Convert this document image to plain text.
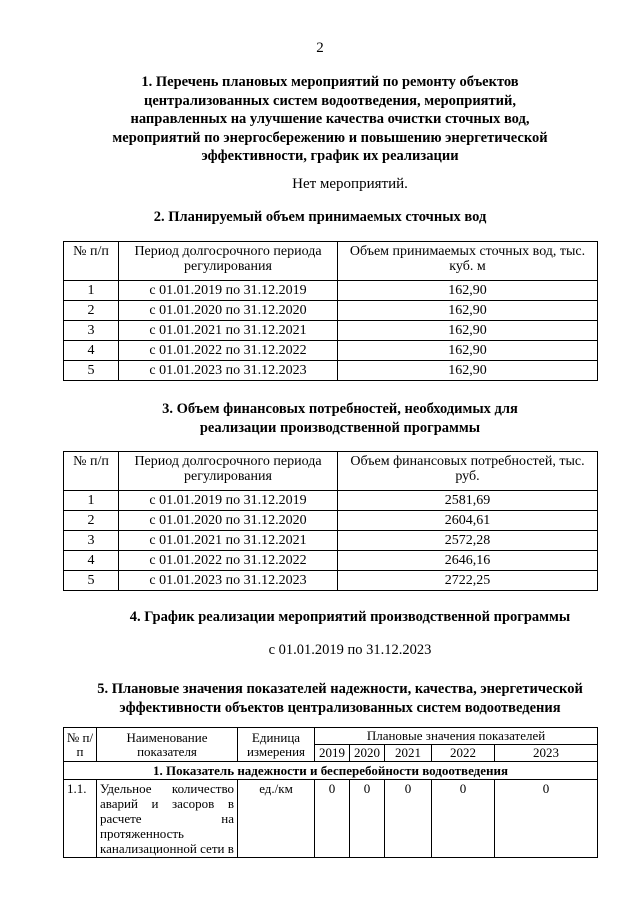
2
1. Перечень плановых мероприятий по ремонту объектов
централизованных систем водоотведения, мероприятий,
направленных на улучшение качества очистки сточных вод,
мероприятий по энергосбережению и повышению энергетической
эффективности, график их реализации
Нет мероприятий.
2. Планируемый объем принимаемых сточных вод
№ п/п	Период долгосрочного периода регулирования	Объем принимаемых сточных вод, тыс. куб. м
1	с 01.01.2019 по 31.12.2019	162,90
2	с 01.01.2020 по 31.12.2020	162,90
3	с 01.01.2021 по 31.12.2021	162,90
4	с 01.01.2022 по 31.12.2022	162,90
5	с 01.01.2023 по 31.12.2023	162,90
3. Объем финансовых потребностей, необходимых для
реализации производственной программы
№ п/п	Период долгосрочного периода регулирования	Объем финансовых потребностей, тыс. руб.
1	с 01.01.2019 по 31.12.2019	2581,69
2	с 01.01.2020 по 31.12.2020	2604,61
3	с 01.01.2021 по 31.12.2021	2572,28
4	с 01.01.2022 по 31.12.2022	2646,16
5	с 01.01.2023 по 31.12.2023	2722,25
4. График реализации мероприятий производственной программы
с 01.01.2019 по 31.12.2023
5. Плановые значения показателей надежности, качества, энергетической
эффективности объектов централизованных систем водоотведения
№ п/п	Наименование показателя	Единица измерения	Плановые значения показателей				
			2019	2020	2021	2022	2023
1. Показатель надежности и бесперебойности водоотведения							
1.1.	Удельное количество аварий и засоров в расчете на протяженность канализационной сети в	ед./км	0	0	0	0	0
